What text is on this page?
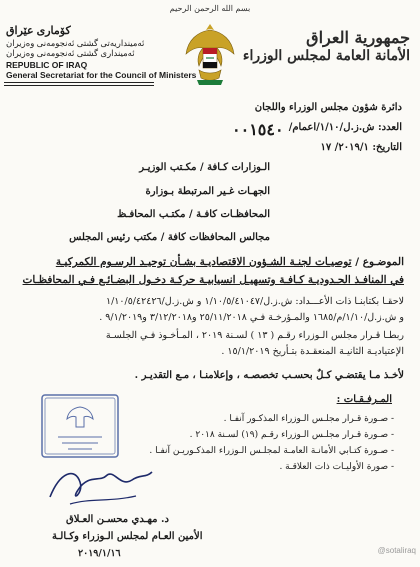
بسم الله الرحمن الرحيم
جمهورية العراق
الأمانة العامة لمجلس الوزراء
كۆماری عێراق
ئەمینداریەتی گشتی ئەنجومەنی وەزیران
ئەمینداری گشتی ئەنجومەنی وەزیران
REPUBLIC OF IRAQ
General Secretariat for the Council of Ministers
دائرة شؤون مجلس الوزراء واللجان
العدد: ش.ز.ل/١/١٠/اعمام/
٠٠١٥٤٠
التاريخ: ٢٠١٩/١/ ١٧
الـوزارات كـافة / مكـتب الوزيـر
الجهـات غـير المرتبطة بـوزارة
المحافظـات كافـة / مكتـب المحافـظ
مجالس المحافظات كافة / مكتب رئيس المجلس
الموضـوع / توصيـات لجنـة الشـؤون الاقتصاديـة بشـأن توحيـد الرسـوم الكمركيـة
في المنافـذ الحـدوديـة كـافـة وتسهيـل انسيابيـة حركـة دخـول البضـائـع فـي المحافظـات
لاحقـا بكتابنـا ذات الأعـــداد: ش.ز.ل/١/١٠/٥/٤١٠٤٧ و ش.ز.ل/١/١٠/٥/٤٢٤٢٦
و ش.ز.ل/١/١٠/م/١٦٨٥ والمـؤرخـة فـي ٢٥/١١/٢٠١٨ و٣/١٢/٢٠١٨ و٩/١/٢٠١٩ .
ربطـا قـرار مجلس الـوزراء رقـم ( ١٣ ) لسـنة ٢٠١٩ ، المـأخـوذ فـي الجلسـة
الإعتياديـة الثانيـة المنعقـدة بتـأريخ ١٥/١/٢٠١٩ .
لأخـذ مـا يقتضـي كـلٌ بحسـب تخصصـه ، وإعلامنـا ، مـع التقديـر .
المـرفـقـات :
- صـورة قـرار مجلـس الـوزراء المذكـور آنفـا .
- صـورة قـرار مجلـس الـوزراء رقـم (١٩) لسـنة ٢٠١٨ .
- صـورة كتـابي الأمانـة العامـة لمجلـس الـوزراء المذكـوريـن آنفـا .
- صورة الأوليـات ذات العلاقـة .
د. مهـدي محسـن العـلاق
الأمين العـام لمجلس الـوزراء وكـالـة
٢٠١٩/١/١٦	@sotaliraq
